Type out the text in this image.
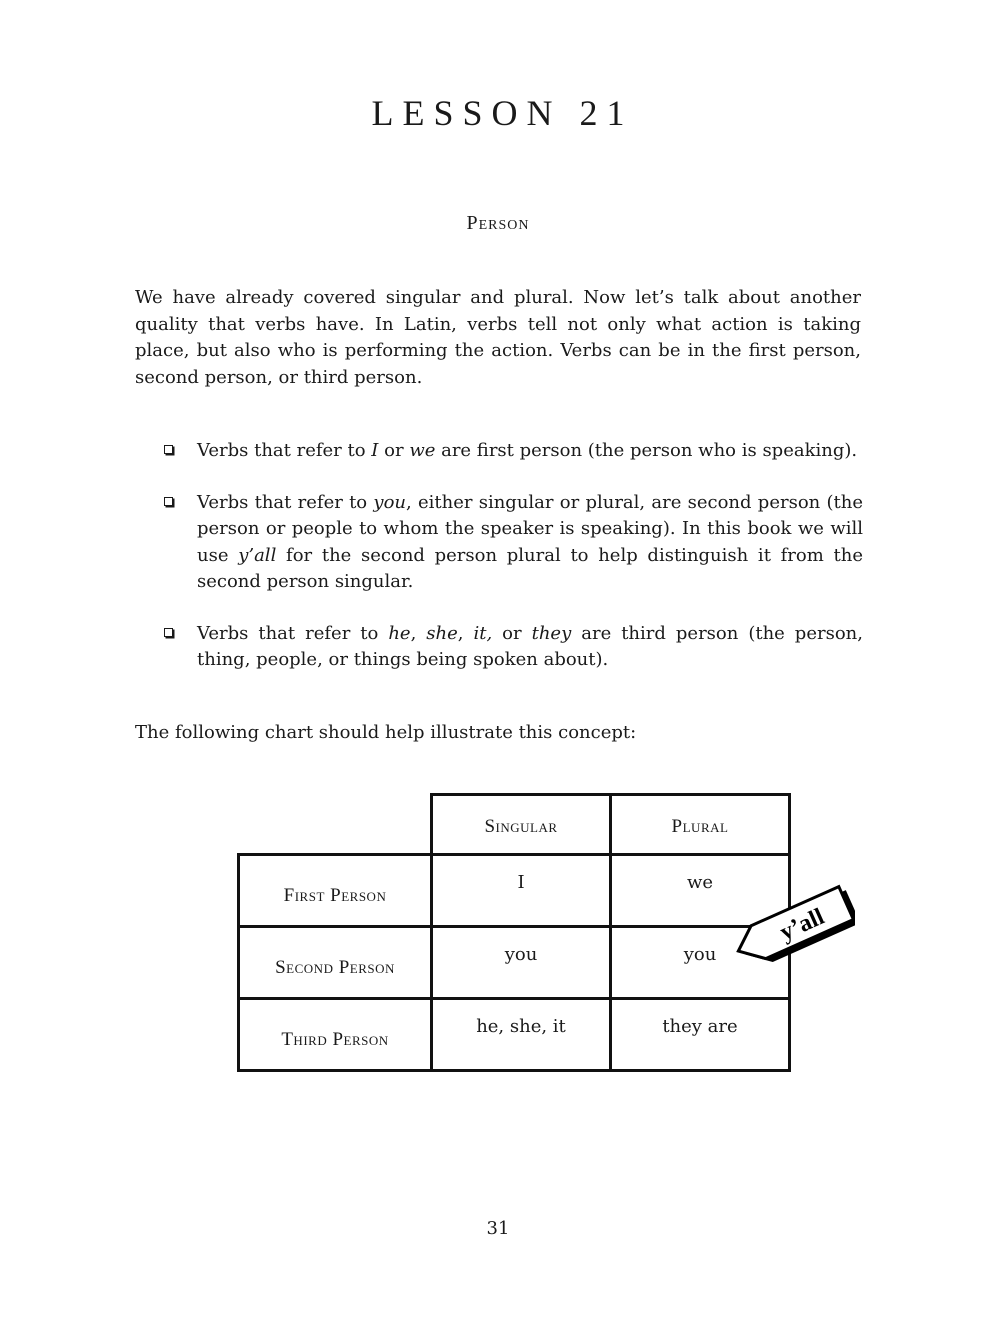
LESSON 21
Person

We have already covered singular and plural. Now let’s talk about another quality that verbs have. In Latin, verbs tell not only what action is taking place, but also who is performing the action. Verbs can be in the first person, second person, or third person.

Verbs that refer to I or we are first person (the person who is speaking).
Verbs that refer to you, either singular or plural, are second person (the person or people to whom the speaker is speaking). In this book we will use y’all for the second person plural to help distinguish it from the second person singular.
Verbs that refer to he, she, it, or they are third person (the person, thing, people, or things being spoken about).
The following chart should help illustrate this concept:
	Singular	Plural
First Person	I	we
Second Person	you	you
Third Person	he, she, it	they are
y’all
31
